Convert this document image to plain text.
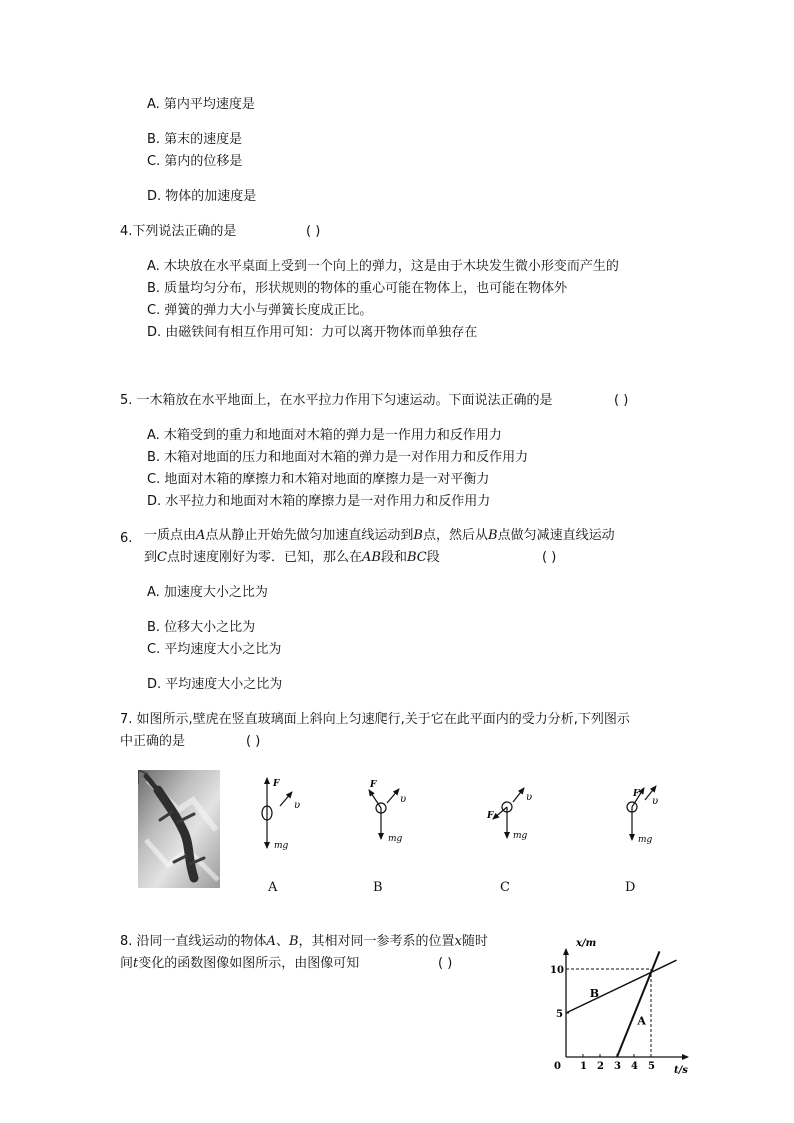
A. 第内平均速度是
B. 第末的速度是
C. 第内的位移是
D. 物体的加速度是
4.下列说法正确的是	( )
A. 木块放在水平桌面上受到一个向上的弹力，这是由于木块发生微小形变而产生的
B. 质量均匀分布，形状规则的物体的重心可能在物体上，也可能在物体外
C. 弹簧的弹力大小与弹簧长度成正比。
D. 由磁铁间有相互作用可知：力可以离开物体而单独存在
5. 一木箱放在水平地面上，在水平拉力作用下匀速运动。下面说法正确的是	( )
A. 木箱受到的重力和地面对木箱的弹力是一作用力和反作用力
B. 木箱对地面的压力和地面对木箱的弹力是一对作用力和反作用力
C. 地面对木箱的摩擦力和木箱对地面的摩擦力是一对平衡力
D. 水平拉力和地面对木箱的摩擦力是一对作用力和反作用力
6. 一质点由A点从静止开始先做匀加速直线运动到B点，然后从B点做匀减速直线运动
到C点时速度刚好为零．已知，那么在AB段和BC段	( )
A. 加速度大小之比为
B. 位移大小之比为
C. 平均速度大小之比为
D. 平均速度大小之比为
7. 如图所示,壁虎在竖直玻璃面上斜向上匀速爬行,关于它在此平面内的受力分析,下列图示
中正确的是	( )
F
υ
mg
F
υ
mg
F
υ
mg
F
υ
mg
A	B	C	D
8. 沿同一直线运动的物体A、B，其相对同一参考系的位置x随时
间t变化的函数图像如图所示，由图像可知	( )
x/m
t/s
0 1 2 3 4 5
5
10
B
A
